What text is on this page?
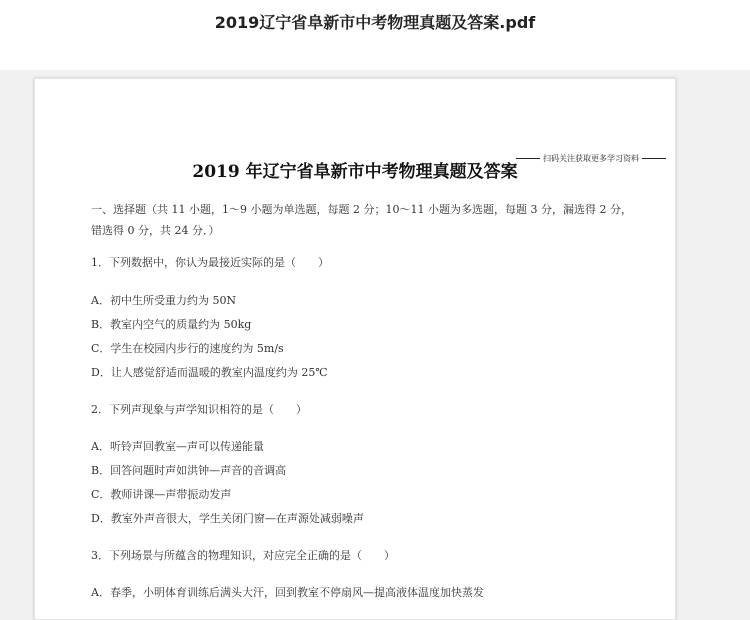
2019辽宁省阜新市中考物理真题及答案.pdf
2019 年辽宁省阜新市中考物理真题及答案
扫码关注获取更多学习资料
一、选择题（共 11 小题，1～9 小题为单选题，每题 2 分；10～11 小题为多选题，每题 3 分，漏选得 2 分，
错选得 0 分，共 24 分．）
1．下列数据中，你认为最接近实际的是（　　）
A．初中生所受重力约为 50N
B．教室内空气的质量约为 50kg
C．学生在校园内步行的速度约为 5m/s
D．让人感觉舒适而温暖的教室内温度约为 25℃
2．下列声现象与声学知识相符的是（　　）
A．听铃声回教室—声可以传递能量
B．回答问题时声如洪钟—声音的音调高
C．教师讲课—声带振动发声
D．教室外声音很大，学生关闭门窗—在声源处减弱噪声
3．下列场景与所蕴含的物理知识，对应完全正确的是（　　）
A．春季，小明体育训练后满头大汗，回到教室不停扇风—提高液体温度加快蒸发
